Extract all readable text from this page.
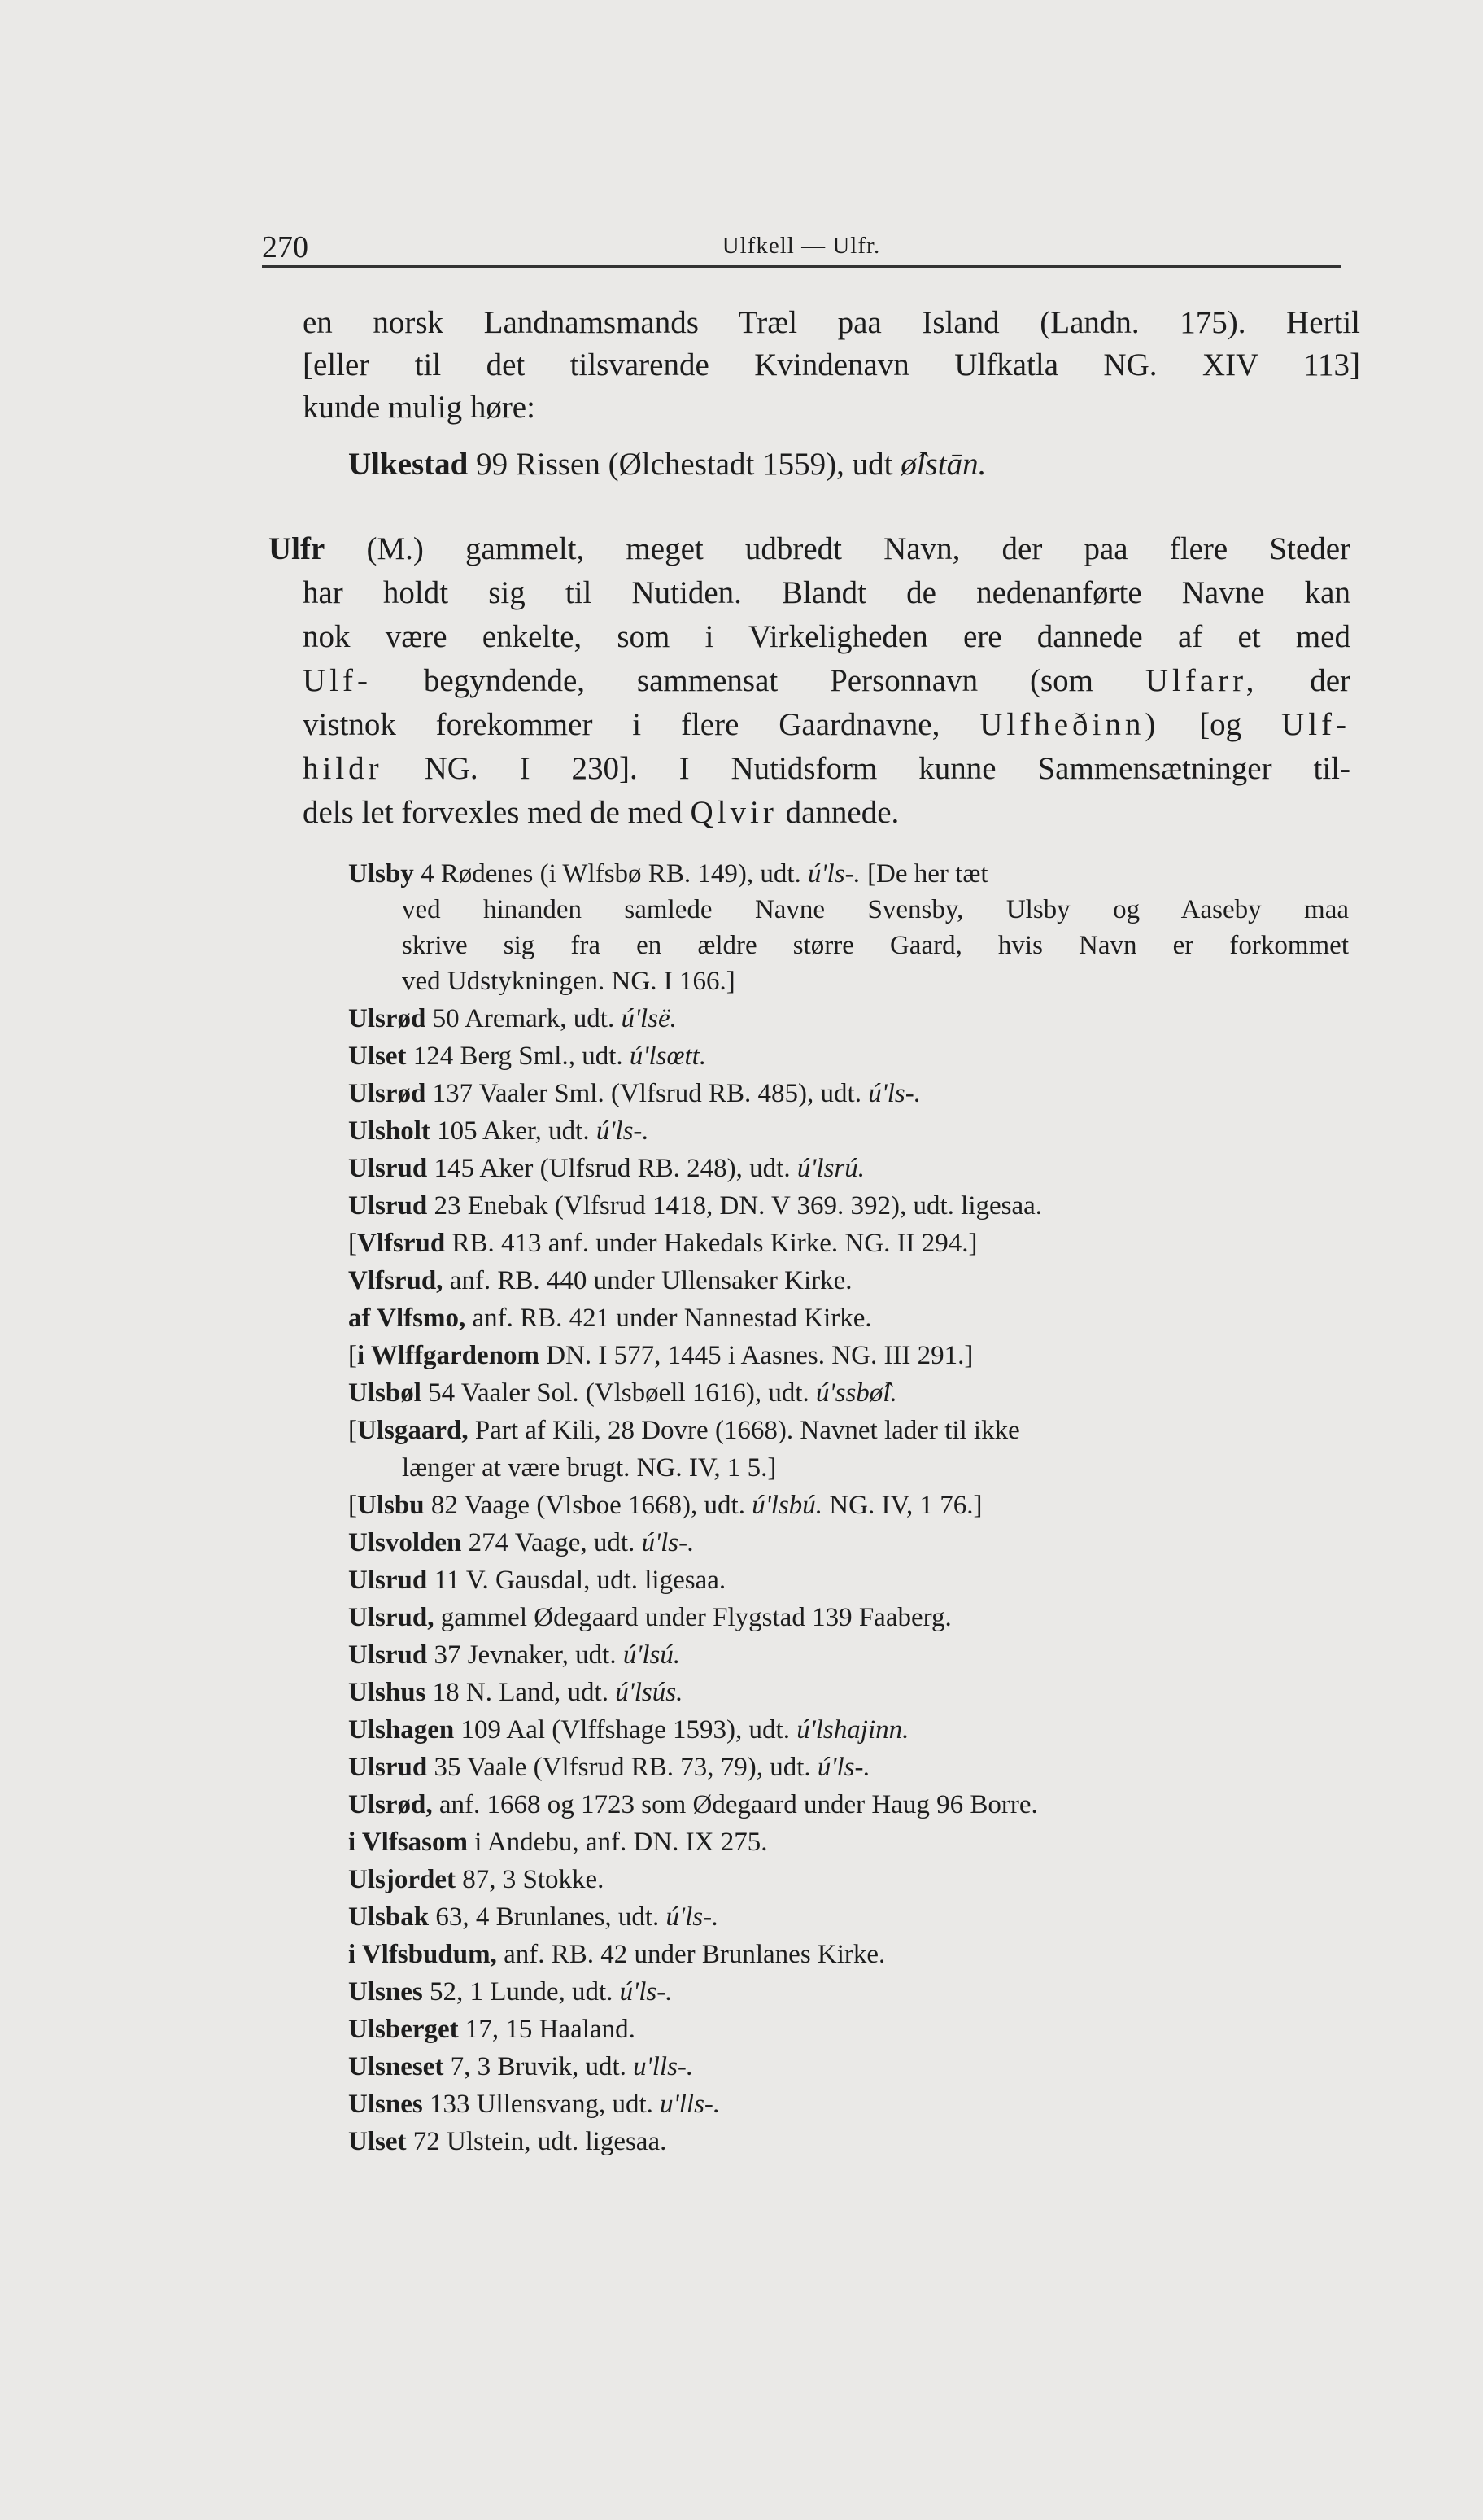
270	Ulfkell — Ulfr.
en norsk Landnamsmands Træl paa Island (Landn. 175). Hertil
[eller til det tilsvarende Kvindenavn Ulfkatla NG. XIV 113]
kunde mulig høre:
Ulkestad 99 Rissen (Ølchestadt 1559), udt ø̂lstān.
Ulfr (M.) gammelt, meget udbredt Navn, der paa flere Steder
har holdt sig til Nutiden. Blandt de nedenanførte Navne kan
nok være enkelte, som i Virkeligheden ere dannede af et med
Ulf- begyndende, sammensat Personnavn (som Ulfarr, der
vistnok forekommer i flere Gaardnavne, Ulfheðinn) [og Ulf-
hildr NG. I 230]. I Nutidsform kunne Sammensætninger til-
dels let forvexles med de med Qlvir dannede.
Ulsby 4 Rødenes (i Wlfsbø RB. 149), udt. ú'ls-. [De her tæt
ved hinanden samlede Navne Svensby, Ulsby og Aaseby maa
skrive sig fra en ældre større Gaard, hvis Navn er forkommet
ved Udstykningen. NG. I 166.]
Ulsrød 50 Aremark, udt. ú'lsë.
Ulset 124 Berg Sml., udt. ú'lsœtt.
Ulsrød 137 Vaaler Sml. (Vlfsrud RB. 485), udt. ú'ls-.
Ulsholt 105 Aker, udt. ú'ls-.
Ulsrud 145 Aker (Ulfsrud RB. 248), udt. ú'lsrú.
Ulsrud 23 Enebak (Vlfsrud 1418, DN. V 369. 392), udt. ligesaa.
[Vlfsrud RB. 413 anf. under Hakedals Kirke. NG. II 294.]
Vlfsrud, anf. RB. 440 under Ullensaker Kirke.
af Vlfsmo, anf. RB. 421 under Nannestad Kirke.
[i Wlffgardenom DN. I 577, 1445 i Aasnes. NG. III 291.]
Ulsbøl 54 Vaaler Sol. (Vlsbøell 1616), udt. ú'ssbø̂l.
[Ulsgaard, Part af Kili, 28 Dovre (1668). Navnet lader til ikke
længer at være brugt. NG. IV, 1 5.]
[Ulsbu 82 Vaage (Vlsboe 1668), udt. ú'lsbú. NG. IV, 1 76.]
Ulsvolden 274 Vaage, udt. ú'ls-.
Ulsrud 11 V. Gausdal, udt. ligesaa.
Ulsrud, gammel Ødegaard under Flygstad 139 Faaberg.
Ulsrud 37 Jevnaker, udt. ú'lsú.
Ulshus 18 N. Land, udt. ú'lsús.
Ulshagen 109 Aal (Vlffshage 1593), udt. ú'lshajinn.
Ulsrud 35 Vaale (Vlfsrud RB. 73, 79), udt. ú'ls-.
Ulsrød, anf. 1668 og 1723 som Ødegaard under Haug 96 Borre.
i Vlfsasom i Andebu, anf. DN. IX 275.
Ulsjordet 87, 3 Stokke.
Ulsbak 63, 4 Brunlanes, udt. ú'ls-.
i Vlfsbudum, anf. RB. 42 under Brunlanes Kirke.
Ulsnes 52, 1 Lunde, udt. ú'ls-.
Ulsberget 17, 15 Haaland.
Ulsneset 7, 3 Bruvik, udt. u'lls-.
Ulsnes 133 Ullensvang, udt. u'lls-.
Ulset 72 Ulstein, udt. ligesaa.
